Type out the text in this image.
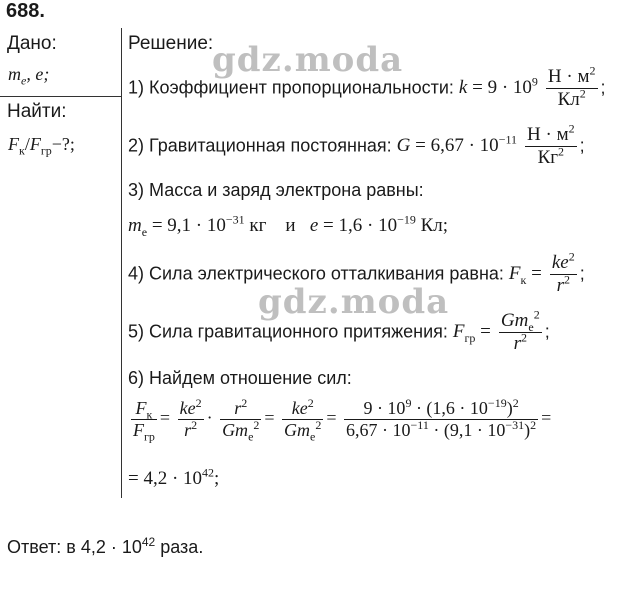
688.
Дано:
$m_e$, e;
Найти:
$F_к/F_{гр}-$?;
Решение:
1) Коэффициент пропорциональности: $k = 9 \cdot 10^9 \frac{Н \cdot м^2}{Кл^2}$ ;
2) Гравитационная постоянная: $G = 6,67 \cdot 10^{-11} \frac{Н \cdot м^2}{Кг^2}$ ;
3) Масса и заряд электрона равны:
$m_e = 9,1 \cdot 10^{-31}$ кг и $e = 1,6 \cdot 10^{-19}$ Кл;
4) Сила электрического отталкивания равна: $F_к = \frac{ke^2}{r^2}$ ;
5) Сила гравитационного притяжения: $F_{гр} = \frac{Gm_e^2}{r^2}$ ;
6) Найдем отношение сил:
$\frac{F_к}{F_{гр}} = \frac{ke^2}{r^2} \cdot \frac{r^2}{Gm_e^2} = \frac{ke^2}{Gm_e^2} = \frac{9 \cdot 10^9 \cdot (1,6 \cdot 10^{-19})^2}{6,67 \cdot 10^{-11} \cdot (9,1 \cdot 10^{-31})^2}$ =
= $4,2 \cdot 10^{42}$;
Ответ: в $4,2 \cdot 10^{42}$ раза.
gdz.moda
gdz.moda
